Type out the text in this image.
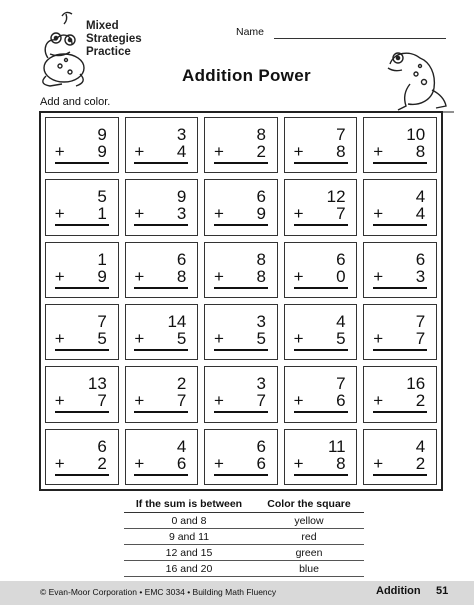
Mixed
Strategies
Practice
Name
Addition Power
Add and color.
9
+ 9
3
+ 4
8
+ 2
7
+ 8
10
+ 8
5
+ 1
9
+ 3
6
+ 9
12
+ 7
4
+ 4
1
+ 9
6
+ 8
8
+ 8
6
+ 0
6
+ 3
7
+ 5
14
+ 5
3
+ 5
4
+ 5
7
+ 7
13
+ 7
2
+ 7
3
+ 7
7
+ 6
16
+ 2
6
+ 2
4
+ 6
6
+ 6
11
+ 8
4
+ 2
If the sum is between	Color the square
0 and 8	yellow
9 and 11	red
12 and 15	green
16 and 20	blue
© Evan-Moor Corporation • EMC 3034 • Building Math Fluency	Addition 51
